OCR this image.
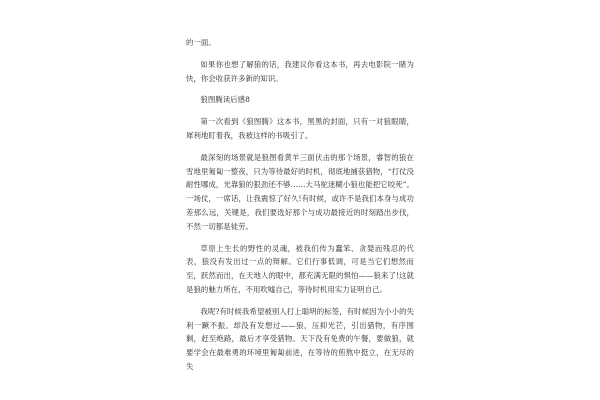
的一面。

如果你也想了解狼的话，我建议你看这本书，再去电影院一睹为快，你会收获许多新的知识。

狼图腾读后感8

第一次看到《狼图腾》这本书，黑黑的封面，只有一对狼眼睛，犀利地盯着我，我被这样的书吸引了。

最深刻的场景就是狼图看黄羊三面伏击的那个场景，睿智的狼在雪地里匍匐一整夜，只为等待最好的时机，彻底地捕获猎物，“打仗没耐性哪成，光靠狼的狠劲还不够……大马驼迷糊小狼也能把它咬死”。一场仗，一席话，让我震惊了好久!有时候，或许不是我们本身与成功差那么远，关键是，我们要选好那个与成功最接近的时刻踏出步伐，不然一切都是徒劳。

草原上生长的野性的灵魂，被我们传为蠢笨、贪婪而残忍的代表，狼没有发出过一点的辩解。它们行事低调，可是当它们想然而至，跃然而出，在天地人的眼中，都充满无限的惧怕——狼来了!这就是狼的魅力所在，不用吹嘘自己，等待时机用实力证明自己。

我呢?有时候我希望被别人打上聪明的标签，有时候因为小小的失利一蹶不振。却没有发想过——狼，压抑光芒，引出猎物，有序围剿，赶至绝路，最后才享受猎物。天下没有免费的午餐，要做狼，就要学会在最难勇的环境里匍匐前进，在等待的煎熬中挺立，在无尽的失
